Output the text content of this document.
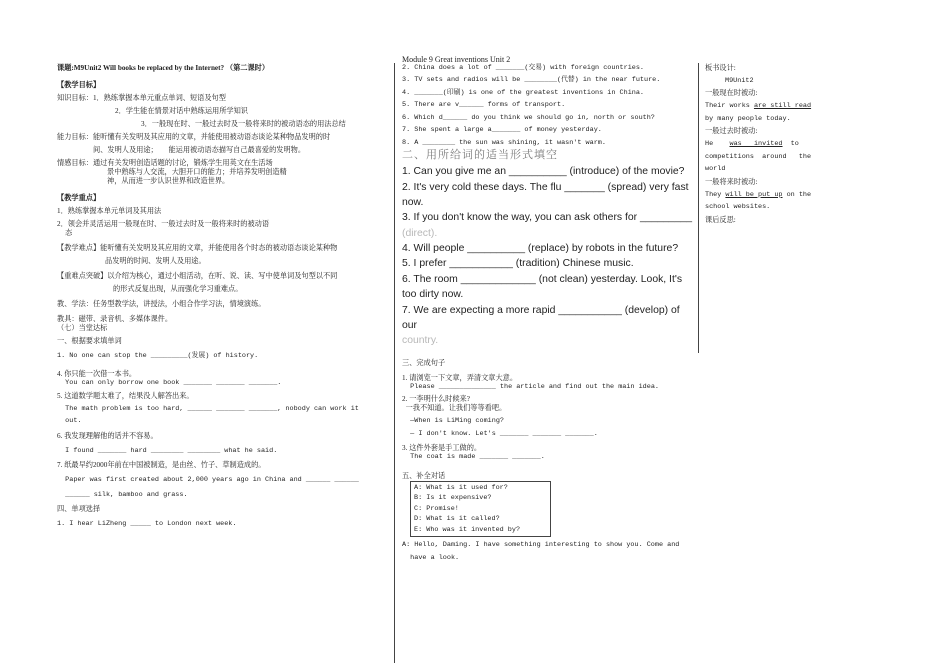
Module 9 Great inventions Unit 2

课题:M9Unit2 Will books be replaced by the Internet? （第二课时）

【教学目标】

知识目标：1．熟练掌握本单元重点单词、短语及句型

2．学生能在情景对话中熟练运用所学知识

3．一般现在时、一般过去时及一般将来时的被动语态的用法总结

能力目标：能听懂有关发明及其应用的文章，并能使用被动语态谈论某种物品发明的时

间、发明人及用途；　　能运用被动语态描写自己最喜爱的发明物。

情感目标：通过有关发明创造话题的讨论，锻炼学生用英文在生活场

景中熟练与人交流，大胆开口的能力；并培养发明创造精

神，从而进一步认识世界和改造世界。

【教学重点】

1．熟练掌握本单元单词及其用法

2．领会并灵活运用一般现在时、一般过去时及一般将来时的被动语

态

【教学难点】能听懂有关发明及其应用的文章，并能使用各个时态的被动语态谈论某种物

品发明的时间、发明人及用途。

【重难点突破】以介绍为核心，通过小组活动，在听、说、读、写中使单词及句型以不同

的形式反复出现，从而强化学习重难点。

教、学法：任务型教学法，讲授法，小组合作学习法，情境演练。

教具：磁带、录音机、多媒体课件。

（七）当堂达标

一、根据要求填单词

1. No one can stop the _________(发展) of history.

4. 你只能一次借一本书。

You can only borrow one book _______ _______ _______.

5. 这道数学题太难了，结果没人解答出来。

The math problem is too hard, ______ _______ _______, nobody can work it

out.

6. 我发现理解他的话并不容易。

I found _______ hard ________ ________ what he said.

7. 纸最早约2000年前在中国被制造，是由丝、竹子、草制造成的。

Paper was first created about 2,000 years ago in China and ______ ______

______ silk, bamboo and grass.

四、单项选择

1. I hear LiZheng _____ to London next week.

2. China does a lot of _______(交易) with foreign countries.

3. TV sets and radios will be ________(代替) in the near future.

4. _______(印刷) is one of the greatest inventions in China.

5. There are v______ forms of transport.

6. Which d______ do you think we should go in, north or south?

7. She spent a large a_______ of money yesterday.

8. A ________ the sun was shining, it wasn't warm.

二、用所给词的适当形式填空

1. Can you give me an __________ (introduce) of the movie?

2. It's very cold these days. The flu _______ (spread) very fast now.

3. If you don't know the way, you can ask others for _________

(direct).

4. Will people __________ (replace) by robots in the future?

5. I prefer ___________ (tradition) Chinese music.

6. The room _____________ (not clean) yesterday. Look, It's too dirty now.

7. We are expecting a more rapid ___________ (develop) of our

country.

三、完成句子

1. 请浏览一下文章，弄清文章大意。

Please ______________ the article and find out the main idea.

2. 一李明什么时候来?

一我不知道。让我们等等看吧。

—When is LiMing coming?

— I don't know. Let's _______ _______ _______.

3. 这件外套是手工做的。

The coat is made _______ _______.

五、补全对话

A: What is it used for?
B: Is it expensive?
C: Promise!
D: What is it called?
E: Who was it invented by?

A: Hello, Daming. I have something interesting to show you. Come and

have a look.

板书设计:

M9Unit2

一般现在时被动:

Their works are still read

by many people today.

一般过去时被动:

He    was   invited  to

competitions  around   the

world

一般将来时被动:

They will be put up on the

school websites.

课后反思:
